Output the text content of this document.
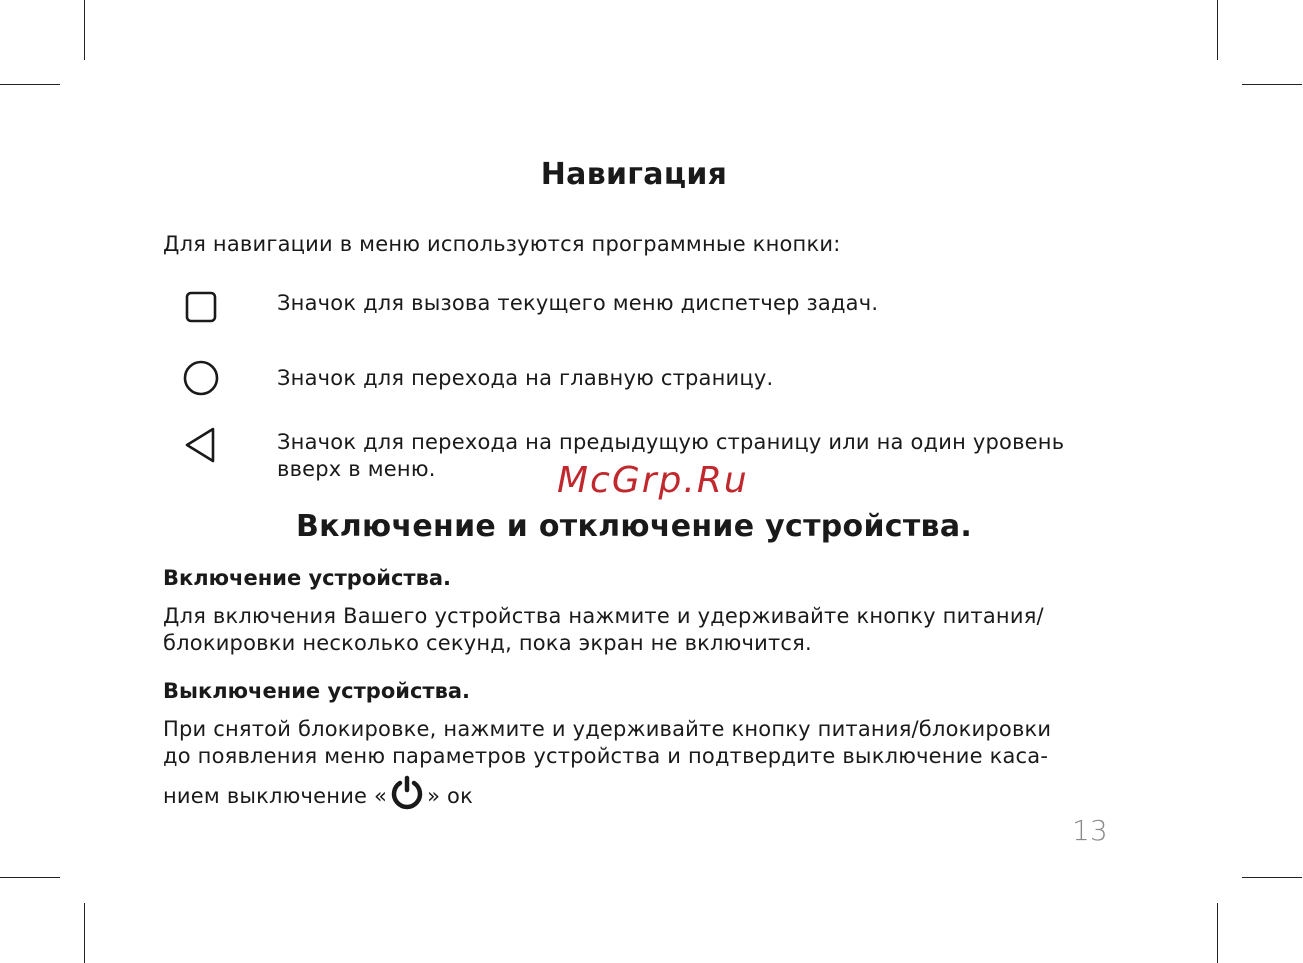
Навигация
Для навигации в меню используются программные кнопки:
Значок для вызова текущего меню диспетчер задач.
Значок для перехода на главную страницу.
Значок для перехода на предыдущую страницу или на один уровень
вверх в меню.	McGrp.Ru
Включение и отключение устройства.
Включение устройства.
Для включения Вашего устройства нажмите и удерживайте кнопку питания/
блокировки несколько секунд, пока экран не включится.
Выключение устройства.
При снятой блокировке, нажмите и удерживайте кнопку питания/блокировки
до появления меню параметров устройства и подтвердите выключение каса-
нием выключение « » ок
13
